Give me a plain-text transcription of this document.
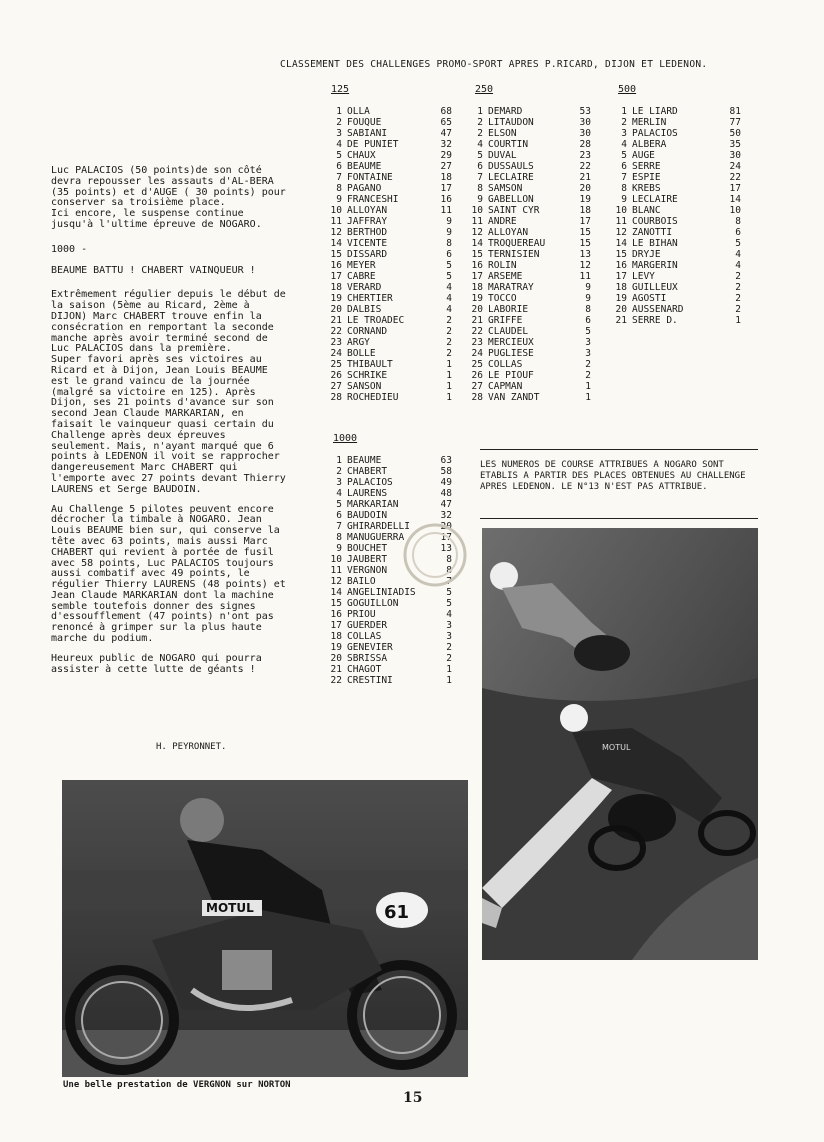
CLASSEMENT DES CHALLENGES PROMO-SPORT APRES P.RICARD, DIJON ET LEDENON.
125
1 OLLA	68
2 FOUQUE	65
3 SABIANI	47
4 DE PUNIET	32
5 CHAUX	29
6 BEAUME	27
7 FONTAINE	18
8 PAGANO	17
9 FRANCESHI	16
10 ALLOYAN	11
11 JAFFRAY	9
12 BERTHOD	9
14 VICENTE	8
15 DISSARD	6
16 MEYER	5
17 CABRE	5
18 VERARD	4
19 CHERTIER	4
20 DALBIS	4
21 LE TROADEC	2
22 CORNAND	2
23 ARGY	2
24 BOLLE	2
25 THIBAULT	1
26 SCHRIKE	1
27 SANSON	1
28 ROCHEDIEU	1
250
1 DEMARD	53
2 LITAUDON	30
2 ELSON	30
4 COURTIN	28
5 DUVAL	23
6 DUSSAULS	22
7 LECLAIRE	21
8 SAMSON	20
9 GABELLON	19
10 SAINT CYR	18
11 ANDRE	17
12 ALLOYAN	15
14 TROQUEREAU	15
15 TERNISIEN	13
16 ROLIN	12
17 ARSEME	11
18 MARATRAY	9
19 TOCCO	9
20 LABORIE	8
21 GRIFFE	6
22 CLAUDEL	5
23 MERCIEUX	3
24 PUGLIESE	3
25 COLLAS	2
26 LE PIOUF	2
27 CAPMAN	1
28 VAN ZANDT	1
500
1 LE LIARD	81
2 MERLIN	77
3 PALACIOS	50
4 ALBERA	35
5 AUGE	30
6 SERRE	24
7 ESPIE	22
8 KREBS	17
9 LECLAIRE	14
10 BLANC	10
11 COURBOIS	8
12 ZANOTTI	6
14 LE BIHAN	5
15 DRYJE	4
16 MARGERIN	4
17 LEVY	2
18 GUILLEUX	2
19 AGOSTI	2
20 AUSSENARD	2
21 SERRE D.	1
1000
1 BEAUME	63
2 CHABERT	58
3 PALACIOS	49
4 LAURENS	48
5 MARKARIAN	47
6 BAUDOIN	32
7 GHIRARDELLI	20
8 MANUGUERRA	17
9 BOUCHET	13
10 JAUBERT	8
11 VERGNON	8
12 BAILO	7
14 ANGELINIADIS	5
15 GOGUILLON	5
16 PRIOU	4
17 GUERDER	3
18 COLLAS	3
19 GENEVIER	2
20 SBRISSA	2
21 CHAGOT	1
22 CRESTINI	1

Luc PALACIOS (50 points)de son côté devra repousser les assauts d'AL-BERA (35 points) et d'AUGE ( 30 points) pour conserver sa troisième place.

Ici encore, le suspense continue jusqu'à l'ultime épreuve de NOGARO.

1000 -

BEAUME BATTU ! CHABERT VAINQUEUR !

Extrêmement régulier depuis le début de la saison (5ème au Ricard, 2ème à DIJON) Marc CHABERT trouve enfin la consécration en remportant la seconde manche après avoir terminé second de Luc PALACIOS dans la première.

Super favori après ses victoires au Ricard et à Dijon, Jean Louis BEAUME est le grand vaincu de la journée (malgré sa victoire en 125). Après Dijon, ses 21 points d'avance sur son second Jean Claude MARKARIAN, en faisait le vainqueur quasi certain du Challenge après deux épreuves seulement. Mais, n'ayant marqué que 6 points à LEDENON il voit se rapprocher dangereusement Marc CHABERT qui l'emporte avec 27 points devant Thierry LAURENS et Serge BAUDOIN.

Au Challenge 5 pilotes peuvent encore décrocher la timbale à NOGARO. Jean Louis BEAUME bien sur, qui conserve la tête avec 63 points, mais aussi Marc CHABERT qui revient à portée de fusil avec 58 points, Luc PALACIOS toujours aussi combatif avec 49 points, le régulier Thierry LAURENS (48 points) et Jean Claude MARKARIAN dont la machine semble toutefois donner des signes d'essoufflement (47 points) n'ont pas renoncé à grimper sur la plus haute marche du podium.

Heureux public de NOGARO qui pourra assister à cette lutte de géants !

H. PEYRONNET.
LES NUMEROS DE COURSE ATTRIBUES A NOGARO SONT ETABLIS A PARTIR DES PLACES OBTENUES AU CHALLENGE APRES LEDENON. LE N°13 N'EST PAS ATTRIBUE.
MOTUL
MOTUL	61
Une belle prestation de VERGNON sur NORTON
15
